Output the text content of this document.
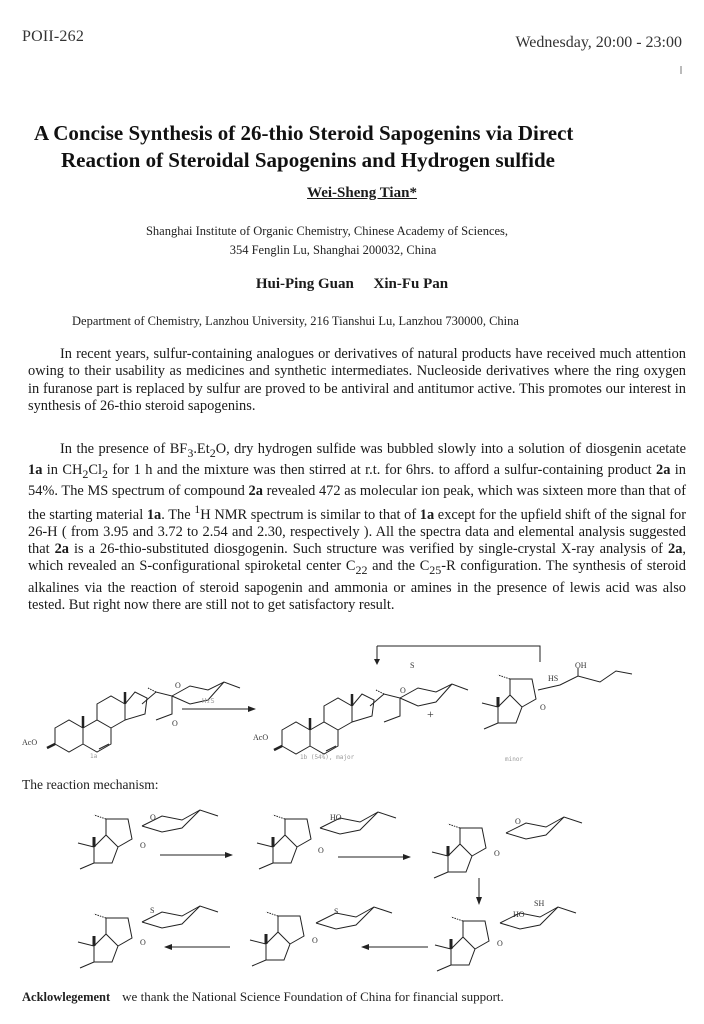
POII-262	Wednesday, 20:00 - 23:00
A Concise Synthesis of 26-thio Steroid Sapogenins via Direct
Reaction of Steroidal Sapogenins and Hydrogen sulfide
Wei-Sheng Tian*
Shanghai Institute of Organic Chemistry, Chinese Academy of Sciences,
354 Fenglin Lu, Shanghai 200032, China
Hui-Ping Guan Xin-Fu Pan
Department of Chemistry, Lanzhou University, 216 Tianshui Lu, Lanzhou 730000, China

In recent years, sulfur-containing analogues or derivatives of natural products have received much attention owing to their usability as medicines and synthetic intermediates. Nucleoside derivatives where the ring oxygen in furanose part is replaced by sulfur are proved to be antiviral and antitumor active. This promotes our interest in synthesis of 26-thio steroid sapogenins.

In the presence of $BF_3.Et_2O$, dry hydrogen sulfide was bubbled slowly into a solution of diosgenin acetate 1a in $CH_2Cl_2$ for 1 h and the mixture was then stirred at r.t. for 6hrs. to afford a sulfur-containing product 2a in 54%. The MS spectrum of compound 2a revealed 472 as molecular ion peak, which was sixteen more than that of the starting material 1a. The $^1$H NMR spectrum is similar to that of 1a except for the upfield shift of the signal for 26-H ( from 3.95 and 3.72 to 2.54 and 2.30, respectively ). All the spectra data and elemental analysis suggested that 2a is a 26-thio-substituted diosgogenin. Such structure was verified by single-crystal X-ray analysis of 2a, which revealed an S-configurational spiroketal center $C_{22}$ and the $C_{25}-R$ configuration. The synthesis of steroid alkalines via the reaction of steroid sapogenin and ammonia or amines in the presence of lewis acid was also tested. But right now there are still not to get satisfactory result.

AcO
O
O
1a
H₂S
AcO
S
O
1b (54%), major
+
HS
OH
O
minor
The reaction mechanism:
O
O
HO
O
O
O
HO
SH
O
S
O
S
O
Acklowlegement we thank the National Science Foundation of China for financial support.
